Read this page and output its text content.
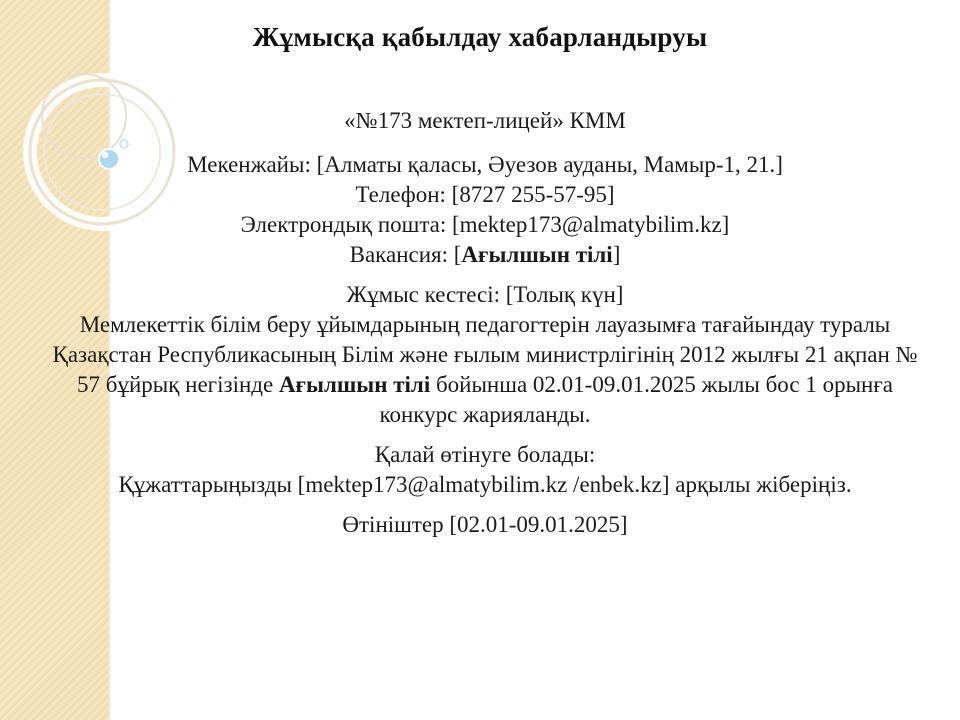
Жұмысқа қабылдау хабарландыруы

«№173 мектеп-лицей» КММ

Мекенжайы: [Алматы қаласы, Әуезов ауданы, Мамыр-1, 21.]

Телефон: [8727 255-57-95]

Электрондық пошта: [mektep173@almatybilim.kz]

Вакансия: [Ағылшын тілі]

Жұмыс кестесі: [Толық күн]

Мемлекеттік білім беру ұйымдарының педагогтерін лауазымға тағайындау туралы Қазақстан Республикасының Білім және ғылым министрлігінің 2012 жылғы 21 ақпан № 57 бұйрық негізінде Ағылшын тілі бойынша 02.01-09.01.2025 жылы бос 1 орынға конкурс жарияланды.

Қалай өтінуге болады:

Құжаттарыңызды [mektep173@almatybilim.kz /enbek.kz] арқылы жіберіңіз.

Өтініштер [02.01-09.01.2025]
